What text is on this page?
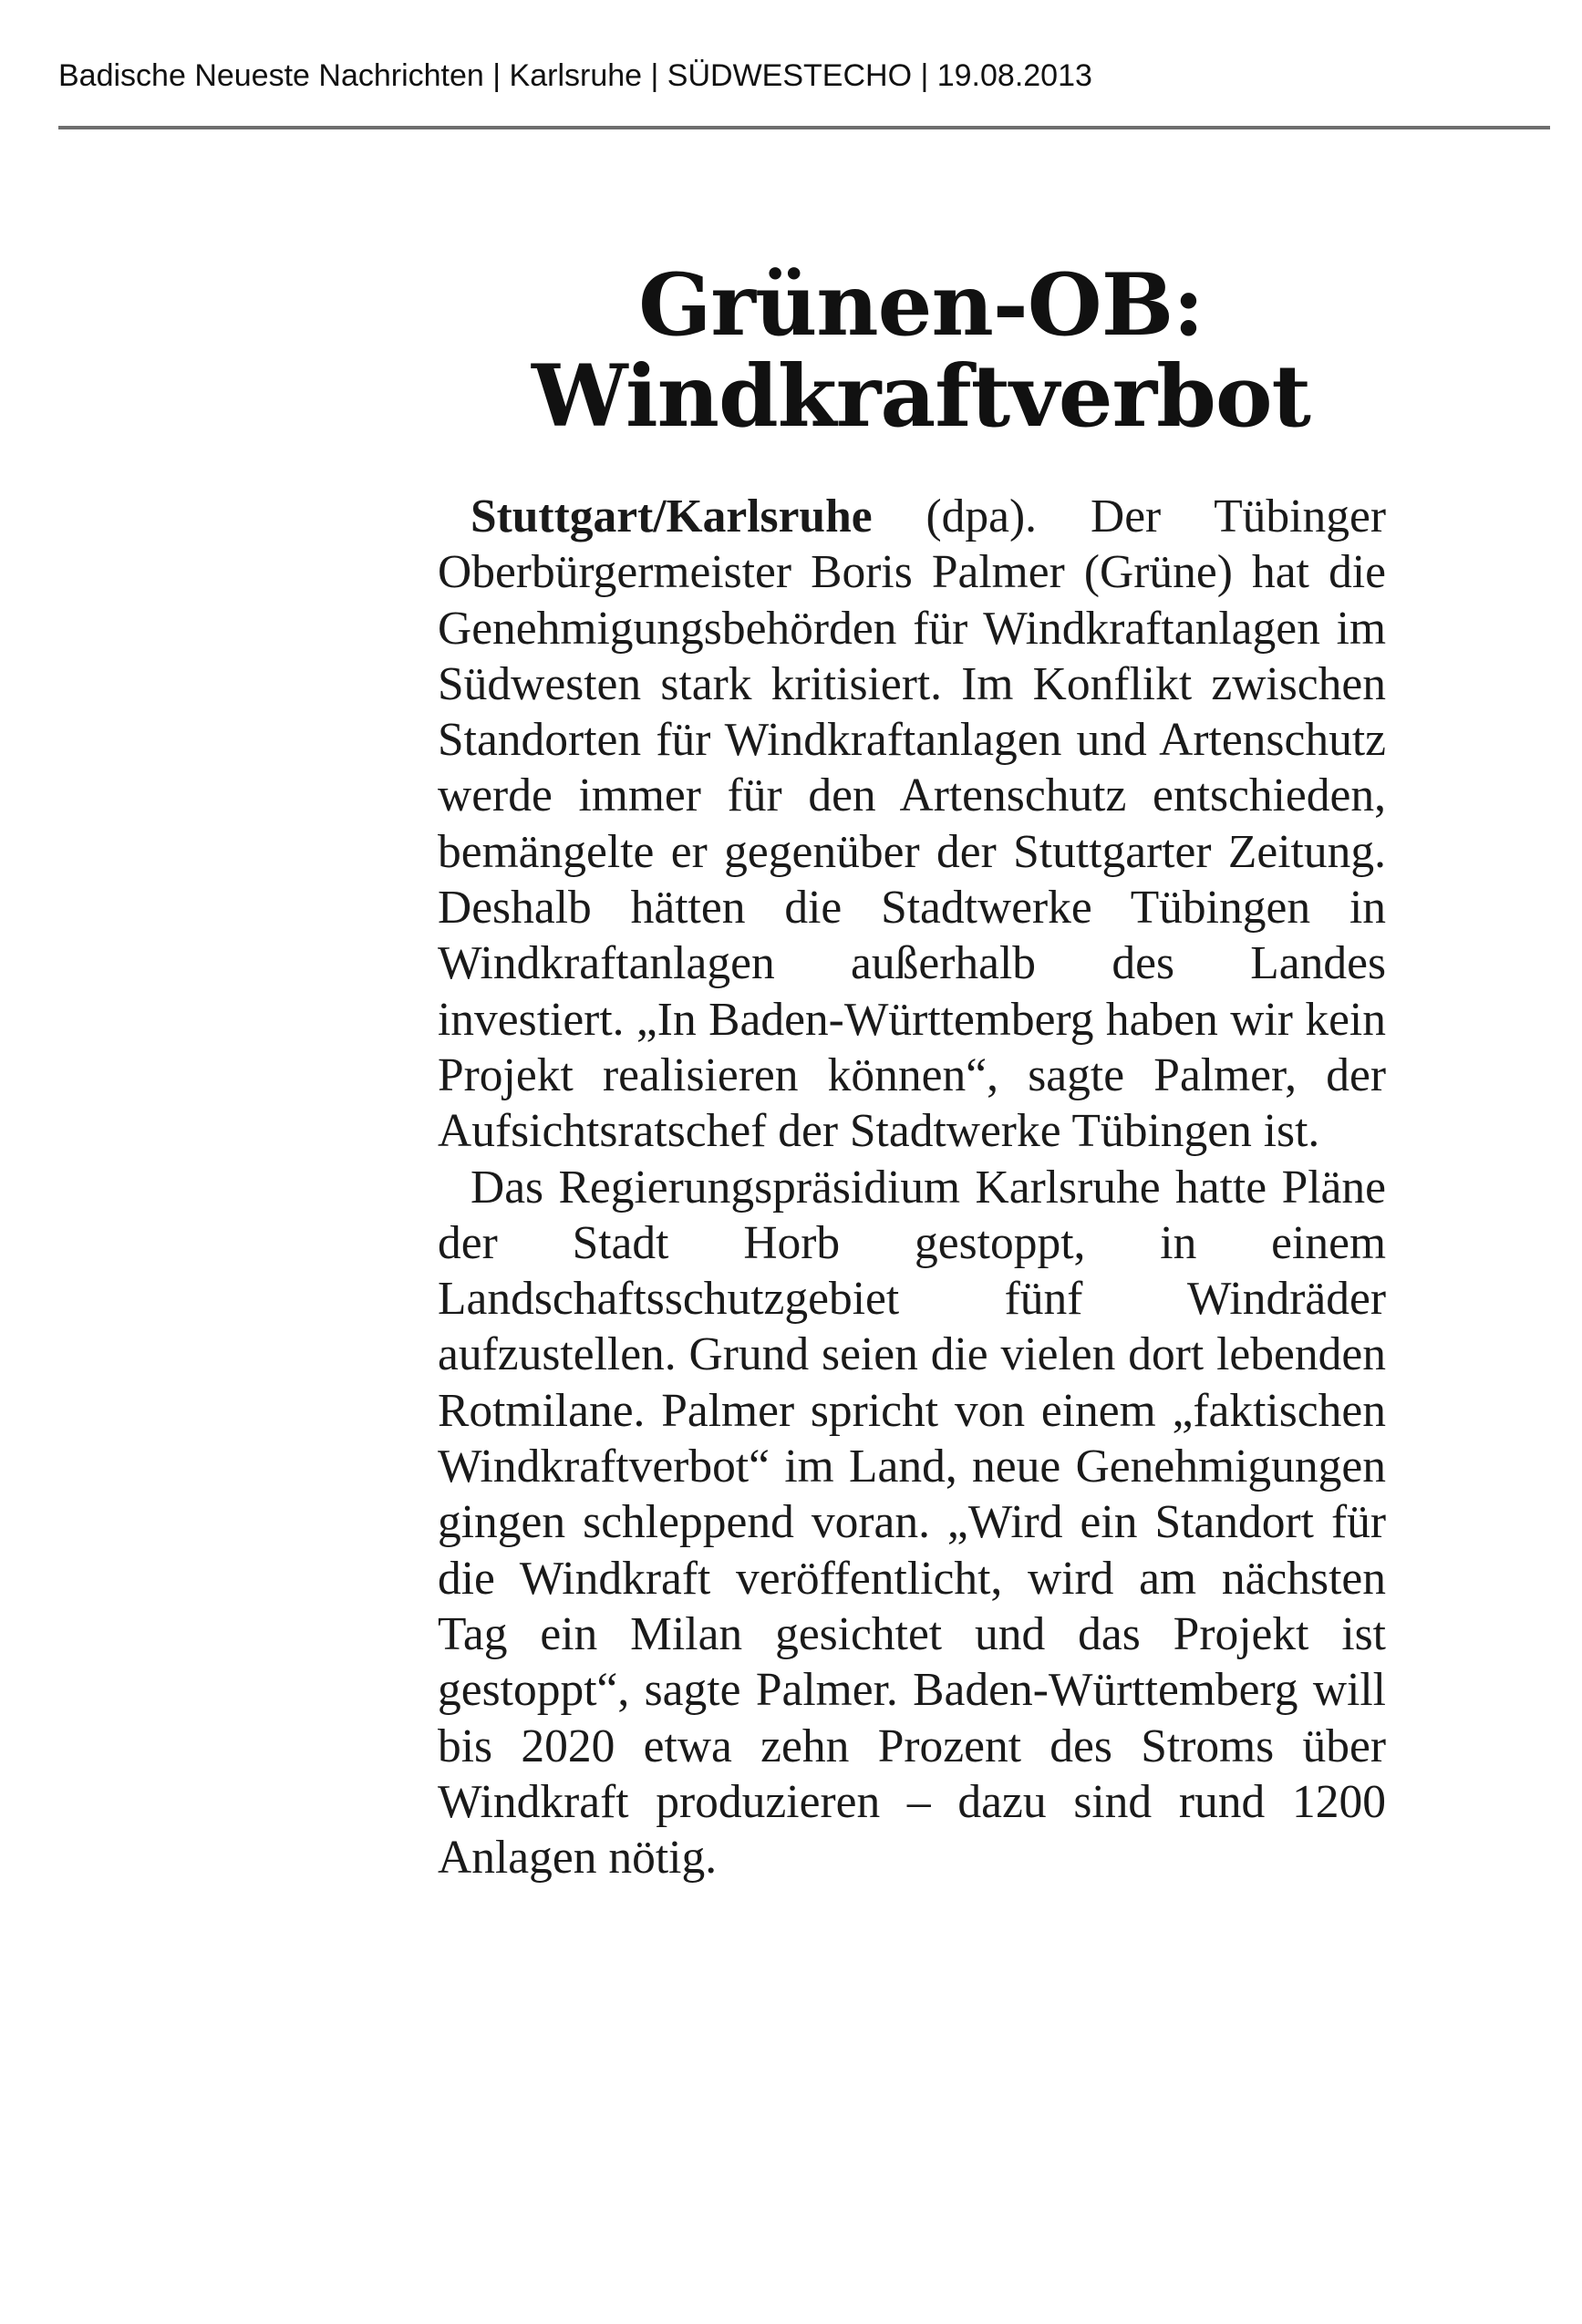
Badische Neueste Nachrichten | Karlsruhe | SÜDWESTECHO | 19.08.2013
Grünen-OB:
Windkraftverbot

Stuttgart/Karlsruhe (dpa). Der Tübinger Oberbürgermeister Boris Palmer (Grüne) hat die Genehmigungsbehörden für Windkraftanlagen im Südwesten stark kritisiert. Im Konflikt zwischen Standorten für Windkraftanlagen und Artenschutz werde immer für den Artenschutz entschieden, bemängelte er gegenüber der Stuttgarter Zeitung. Deshalb hätten die Stadtwerke Tübingen in Windkraftanlagen außerhalb des Landes investiert. „In Baden-Württemberg haben wir kein Projekt realisieren können“, sagte Palmer, der Aufsichtsratschef der Stadtwerke Tübingen ist.

Das Regierungspräsidium Karlsruhe hatte Pläne der Stadt Horb gestoppt, in einem Landschaftsschutzgebiet fünf Windräder aufzustellen. Grund seien die vielen dort lebenden Rotmilane. Palmer spricht von einem „faktischen Windkraftverbot“ im Land, neue Genehmigungen gingen schleppend voran. „Wird ein Standort für die Windkraft veröffentlicht, wird am nächsten Tag ein Milan gesichtet und das Projekt ist gestoppt“, sagte Palmer. Baden-Württemberg will bis 2020 etwa zehn Prozent des Stroms über Windkraft produzieren – dazu sind rund 1200 Anlagen nötig.
